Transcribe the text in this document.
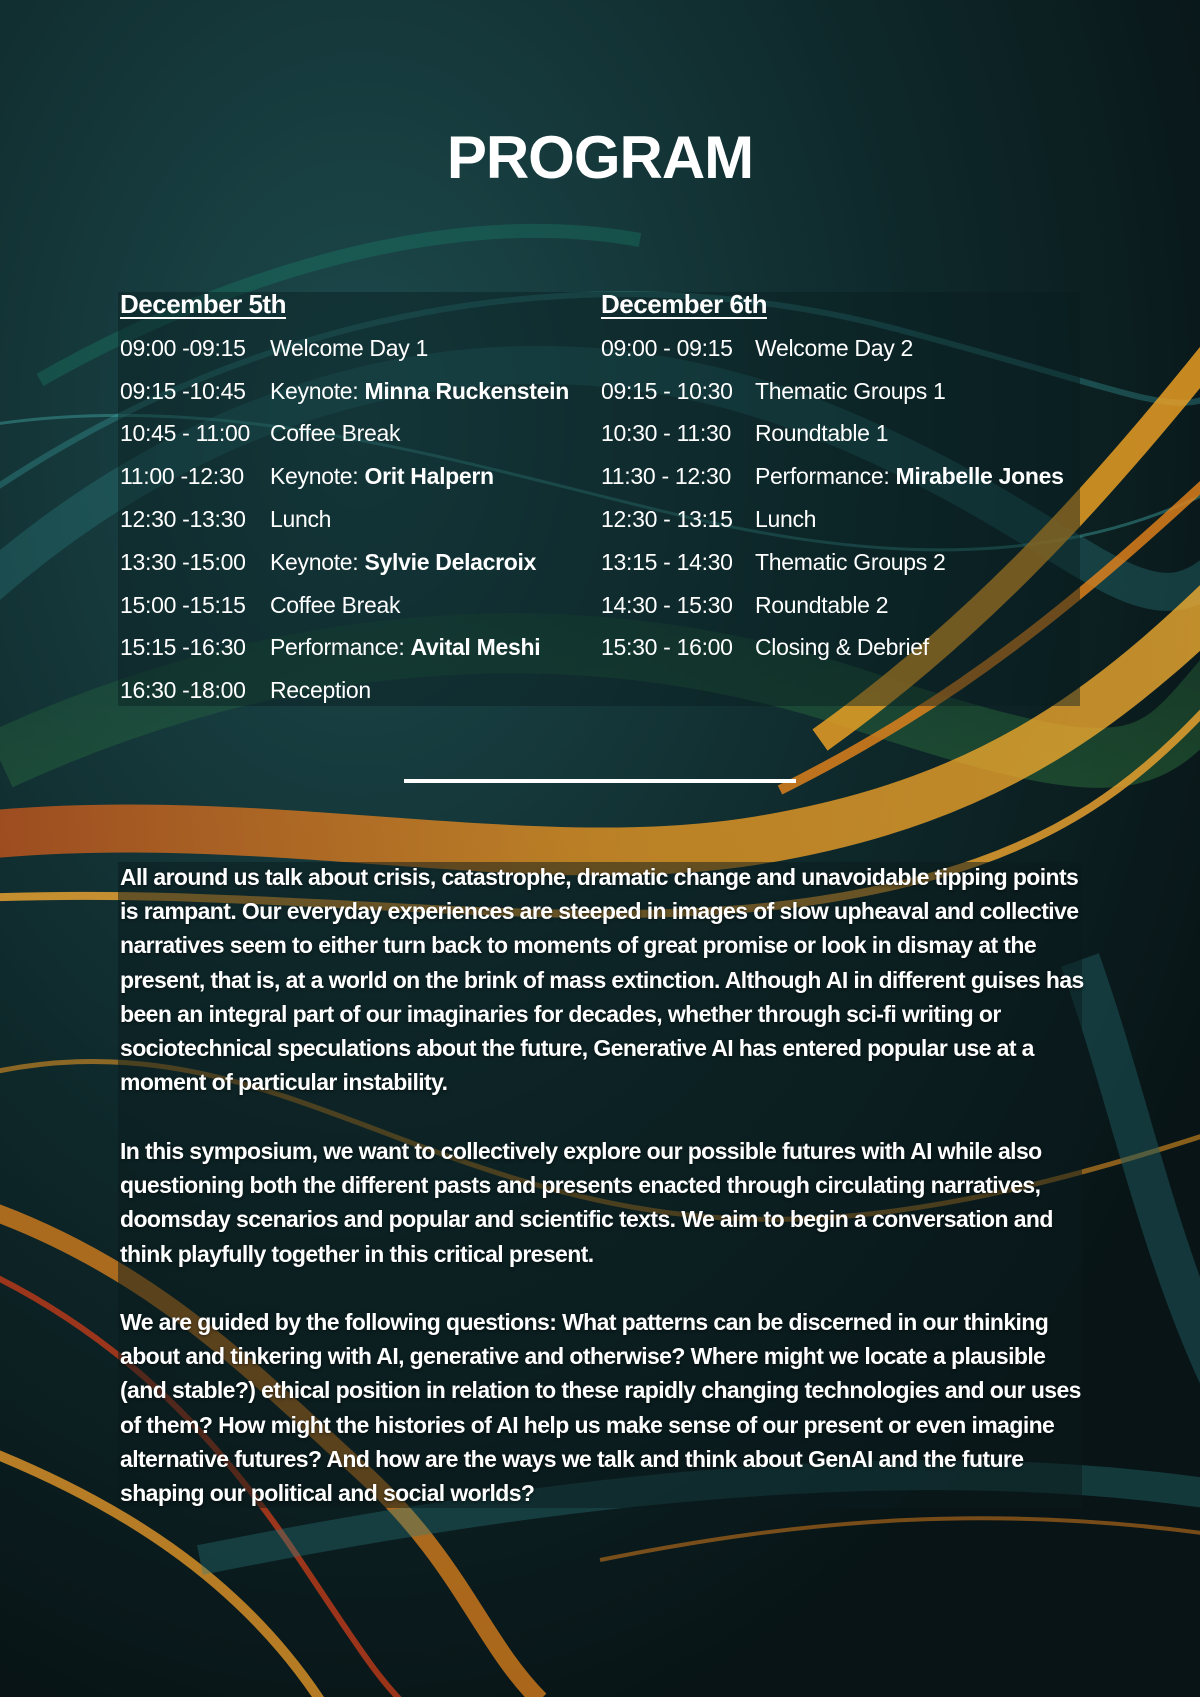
PROGRAM
December 5th
09:00 -09:15	Welcome Day 1
09:15 -10:45	Keynote: Minna Ruckenstein
10:45 - 11:00 Coffee Break
11:00 -12:30	Keynote: Orit Halpern
12:30 -13:30	Lunch
13:30 -15:00	Keynote: Sylvie Delacroix
15:00 -15:15	Coffee Break
15:15 -16:30	Performance: Avital Meshi
16:30 -18:00	Reception
December 6th
09:00 - 09:15 Welcome Day 2
09:15 - 10:30 Thematic Groups 1
10:30 - 11:30	Roundtable 1
11:30 - 12:30	Performance: Mirabelle Jones
12:30 - 13:15 Lunch
13:15 - 14:30 Thematic Groups 2
14:30 - 15:30 Roundtable 2
15:30 - 16:00 Closing & Debrief

All around us talk about crisis, catastrophe, dramatic change and unavoidable tipping points is rampant. Our everyday experiences are steeped in images of slow upheaval and collective narratives seem to either turn back to moments of great promise or look in dismay at the present, that is, at a world on the brink of mass extinction. Although AI in different guises has been an integral part of our imaginaries for decades, whether through sci-fi writing or sociotechnical speculations about the future, Generative AI has entered popular use at a moment of particular instability.

In this symposium, we want to collectively explore our possible futures with AI while also questioning both the different pasts and presents enacted through circulating narratives, doomsday scenarios and popular and scientific texts. We aim to begin a conversation and think playfully together in this critical present.

We are guided by the following questions: What patterns can be discerned in our thinking about and tinkering with AI, generative and otherwise? Where might we locate a plausible (and stable?) ethical position in relation to these rapidly changing technologies and our uses of them? How might the histories of AI help us make sense of our present or even imagine alternative futures? And how are the ways we talk and think about GenAI and the future shaping our political and social worlds?
